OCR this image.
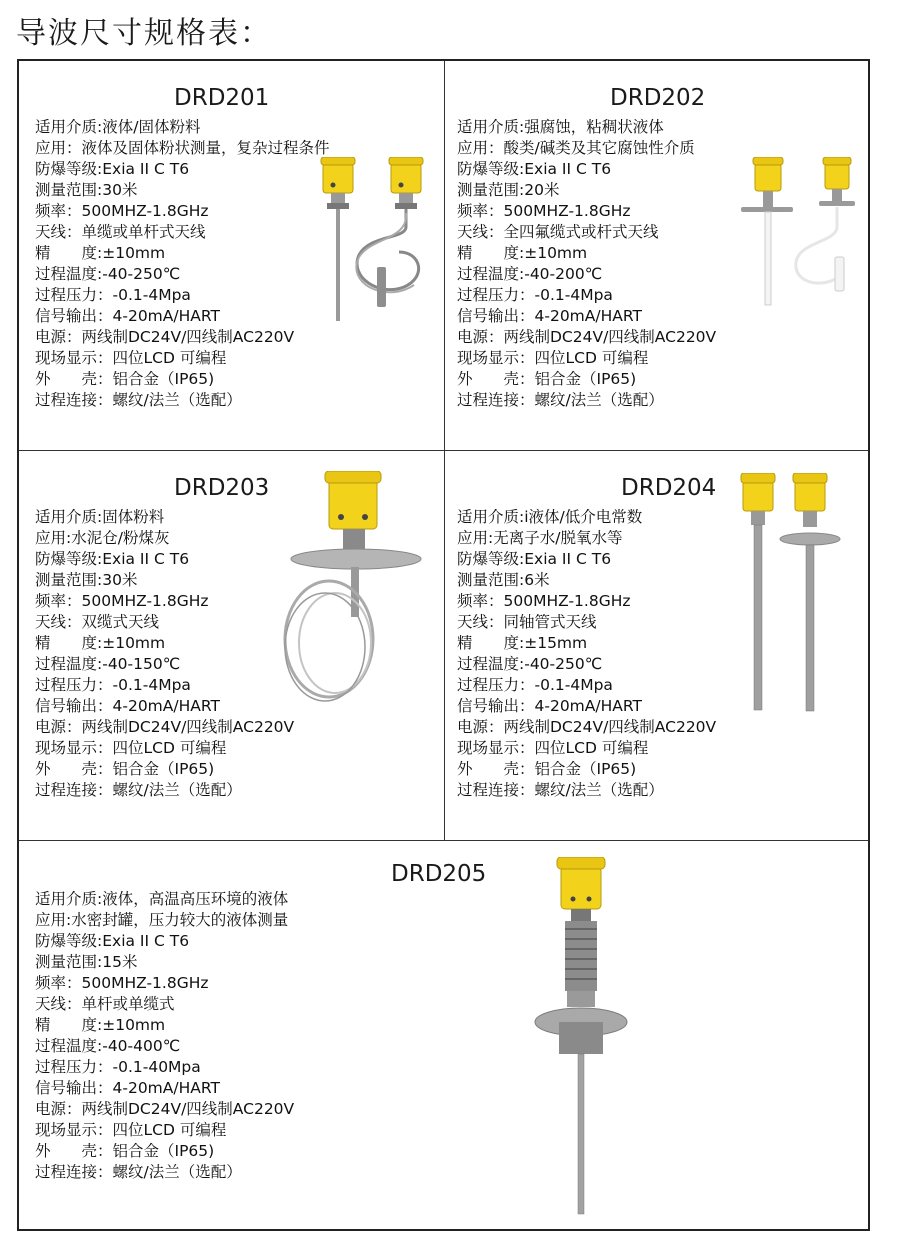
导波尺寸规格表：
DRD201
适用介质:液体/固体粉料
应用：液体及固体粉状测量，复杂过程条件
防爆等级:Exia II C T6
测量范围:30米
频率：500MHZ-1.8GHz
天线：单缆或单杆式天线
精　　度:±10mm
过程温度:-40-250℃
过程压力：-0.1-4Mpa
信号输出：4-20mA/HART
电源：两线制DC24V/四线制AC220V
现场显示：四位LCD 可编程
外　　壳：铝合金（IP65)
过程连接：螺纹/法兰（选配）
DRD202
适用介质:强腐蚀，粘稠状液体
应用：酸类/碱类及其它腐蚀性介质
防爆等级:Exia II C T6
测量范围:20米
频率：500MHZ-1.8GHz
天线：全四氟缆式或杆式天线
精　　度:±10mm
过程温度:-40-200℃
过程压力：-0.1-4Mpa
信号输出：4-20mA/HART
电源：两线制DC24V/四线制AC220V
现场显示：四位LCD 可编程
外　　壳：铝合金（IP65)
过程连接：螺纹/法兰（选配）
DRD203
适用介质:固体粉料
应用:水泥仓/粉煤灰
防爆等级:Exia II C T6
测量范围:30米
频率：500MHZ-1.8GHz
天线：双缆式天线
精　　度:±10mm
过程温度:-40-150℃
过程压力：-0.1-4Mpa
信号输出：4-20mA/HART
电源：两线制DC24V/四线制AC220V
现场显示：四位LCD 可编程
外　　壳：铝合金（IP65)
过程连接：螺纹/法兰（选配）
DRD204
适用介质:i液体/低介电常数
应用:无离子水/脱氧水等
防爆等级:Exia II C T6
测量范围:6米
频率：500MHZ-1.8GHz
天线：同轴管式天线
精　　度:±15mm
过程温度:-40-250℃
过程压力：-0.1-4Mpa
信号输出：4-20mA/HART
电源：两线制DC24V/四线制AC220V
现场显示：四位LCD 可编程
外　　壳：铝合金（IP65)
过程连接：螺纹/法兰（选配）
DRD205
适用介质:液体，高温高压环境的液体
应用:水密封罐，压力较大的液体测量
防爆等级:Exia II C T6
测量范围:15米
频率：500MHZ-1.8GHz
天线：单杆或单缆式
精　　度:±10mm
过程温度:-40-400℃
过程压力：-0.1-40Mpa
信号输出：4-20mA/HART
电源：两线制DC24V/四线制AC220V
现场显示：四位LCD 可编程
外　　壳：铝合金（IP65)
过程连接：螺纹/法兰（选配）
